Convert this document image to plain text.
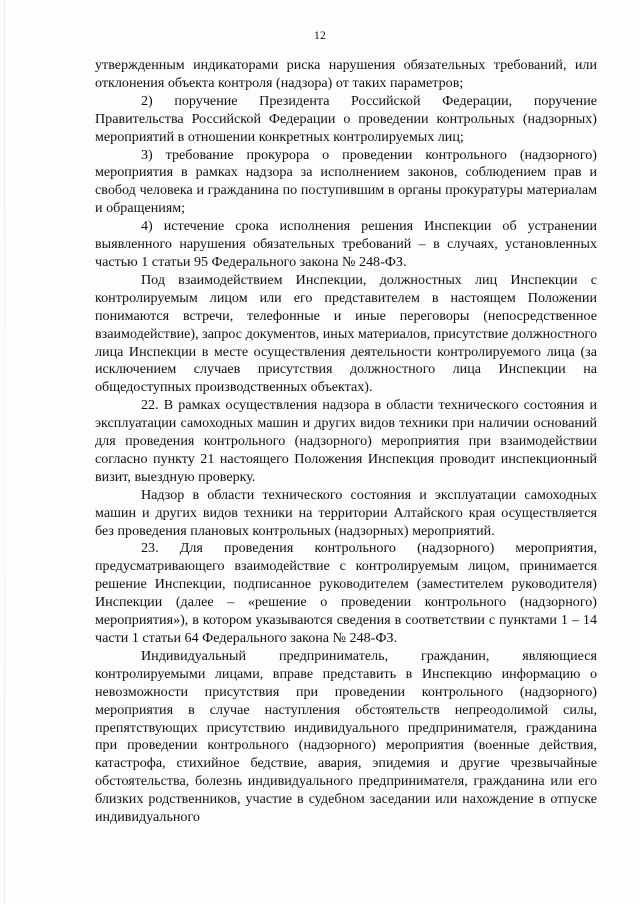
12

утвержденным индикаторами риска нарушения обязательных требований, или отклонения объекта контроля (надзора) от таких параметров;

2) поручение Президента Российской Федерации, поручение Правительства Российской Федерации о проведении контрольных (надзорных) мероприятий в отношении конкретных контролируемых лиц;

3) требование прокурора о проведении контрольного (надзорного) мероприятия в рамках надзора за исполнением законов, соблюдением прав и свобод человека и гражданина по поступившим в органы прокуратуры материалам и обращениям;

4) истечение срока исполнения решения Инспекции об устранении выявленного нарушения обязательных требований – в случаях, установленных частью 1 статьи 95 Федерального закона № 248-ФЗ.

Под взаимодействием Инспекции, должностных лиц Инспекции с контролируемым лицом или его представителем в настоящем Положении понимаются встречи, телефонные и иные переговоры (непосредственное взаимодействие), запрос документов, иных материалов, присутствие должностного лица Инспекции в месте осуществления деятельности контролируемого лица (за исключением случаев присутствия должностного лица Инспекции на общедоступных производственных объектах).

22. В рамках осуществления надзора в области технического состояния и эксплуатации самоходных машин и других видов техники при наличии оснований для проведения контрольного (надзорного) мероприятия при взаимодействии согласно пункту 21 настоящего Положения Инспекция проводит инспекционный визит, выездную проверку.

Надзор в области технического состояния и эксплуатации самоходных машин и других видов техники на территории Алтайского края осуществляется без проведения плановых контрольных (надзорных) мероприятий.

23. Для проведения контрольного (надзорного) мероприятия, предусматривающего взаимодействие с контролируемым лицом, принимается решение Инспекции, подписанное руководителем (заместителем руководителя) Инспекции (далее – «решение о проведении контрольного (надзорного) мероприятия»), в котором указываются сведения в соответствии с пунктами 1 – 14 части 1 статьи 64 Федерального закона № 248-ФЗ.

Индивидуальный предприниматель, гражданин, являющиеся контролируемыми лицами, вправе представить в Инспекцию информацию о невозможности присутствия при проведении контрольного (надзорного) мероприятия в случае наступления обстоятельств непреодолимой силы, препятствующих присутствию индивидуального предпринимателя, гражданина при проведении контрольного (надзорного) мероприятия (военные действия, катастрофа, стихийное бедствие, авария, эпидемия и другие чрезвычайные обстоятельства, болезнь индивидуального предпринимателя, гражданина или его близких родственников, участие в судебном заседании или нахождение в отпуске индивидуального
